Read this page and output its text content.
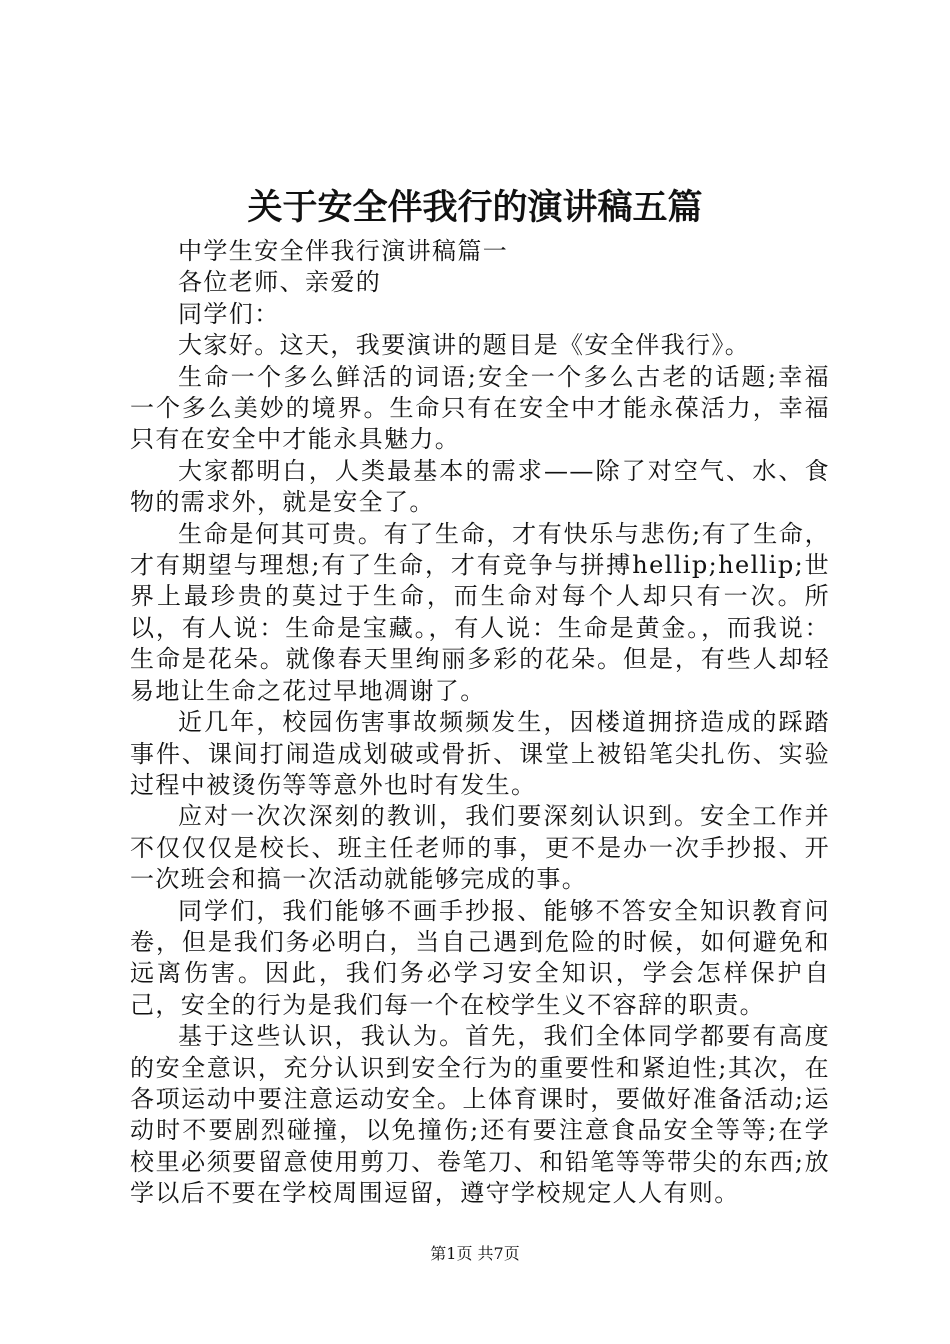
关于安全伴我行的演讲稿五篇

中学生安全伴我行演讲稿篇一

各位老师、亲爱的

同学们：

大家好。这天，我要演讲的题目是《安全伴我行》。

生命一个多么鲜活的词语;安全一个多么古老的话题;幸福一个多么美妙的境界。生命只有在安全中才能永葆活力，幸福只有在安全中才能永具魅力。

大家都明白，人类最基本的需求——除了对空气、水、食物的需求外，就是安全了。

生命是何其可贵。有了生命，才有快乐与悲伤;有了生命，才有期望与理想;有了生命，才有竞争与拼搏hellip;hellip;世界上最珍贵的莫过于生命，而生命对每个人却只有一次。所以，有人说：生命是宝藏。，有人说：生命是黄金。，而我说：生命是花朵。就像春天里绚丽多彩的花朵。但是，有些人却轻易地让生命之花过早地凋谢了。

近几年，校园伤害事故频频发生，因楼道拥挤造成的踩踏事件、课间打闹造成划破或骨折、课堂上被铅笔尖扎伤、实验过程中被烫伤等等意外也时有发生。

应对一次次深刻的教训，我们要深刻认识到。安全工作并不仅仅仅是校长、班主任老师的事，更不是办一次手抄报、开一次班会和搞一次活动就能够完成的事。

同学们，我们能够不画手抄报、能够不答安全知识教育问卷，但是我们务必明白，当自己遇到危险的时候，如何避免和远离伤害。因此，我们务必学习安全知识，学会怎样保护自己，安全的行为是我们每一个在校学生义不容辞的职责。

基于这些认识，我认为。首先，我们全体同学都要有高度的安全意识，充分认识到安全行为的重要性和紧迫性;其次，在各项运动中要注意运动安全。上体育课时，要做好准备活动;运动时不要剧烈碰撞，以免撞伤;还有要注意食品安全等等;在学校里必须要留意使用剪刀、卷笔刀、和铅笔等等带尖的东西;放学以后不要在学校周围逗留，遵守学校规定人人有则。

第1页 共7页
